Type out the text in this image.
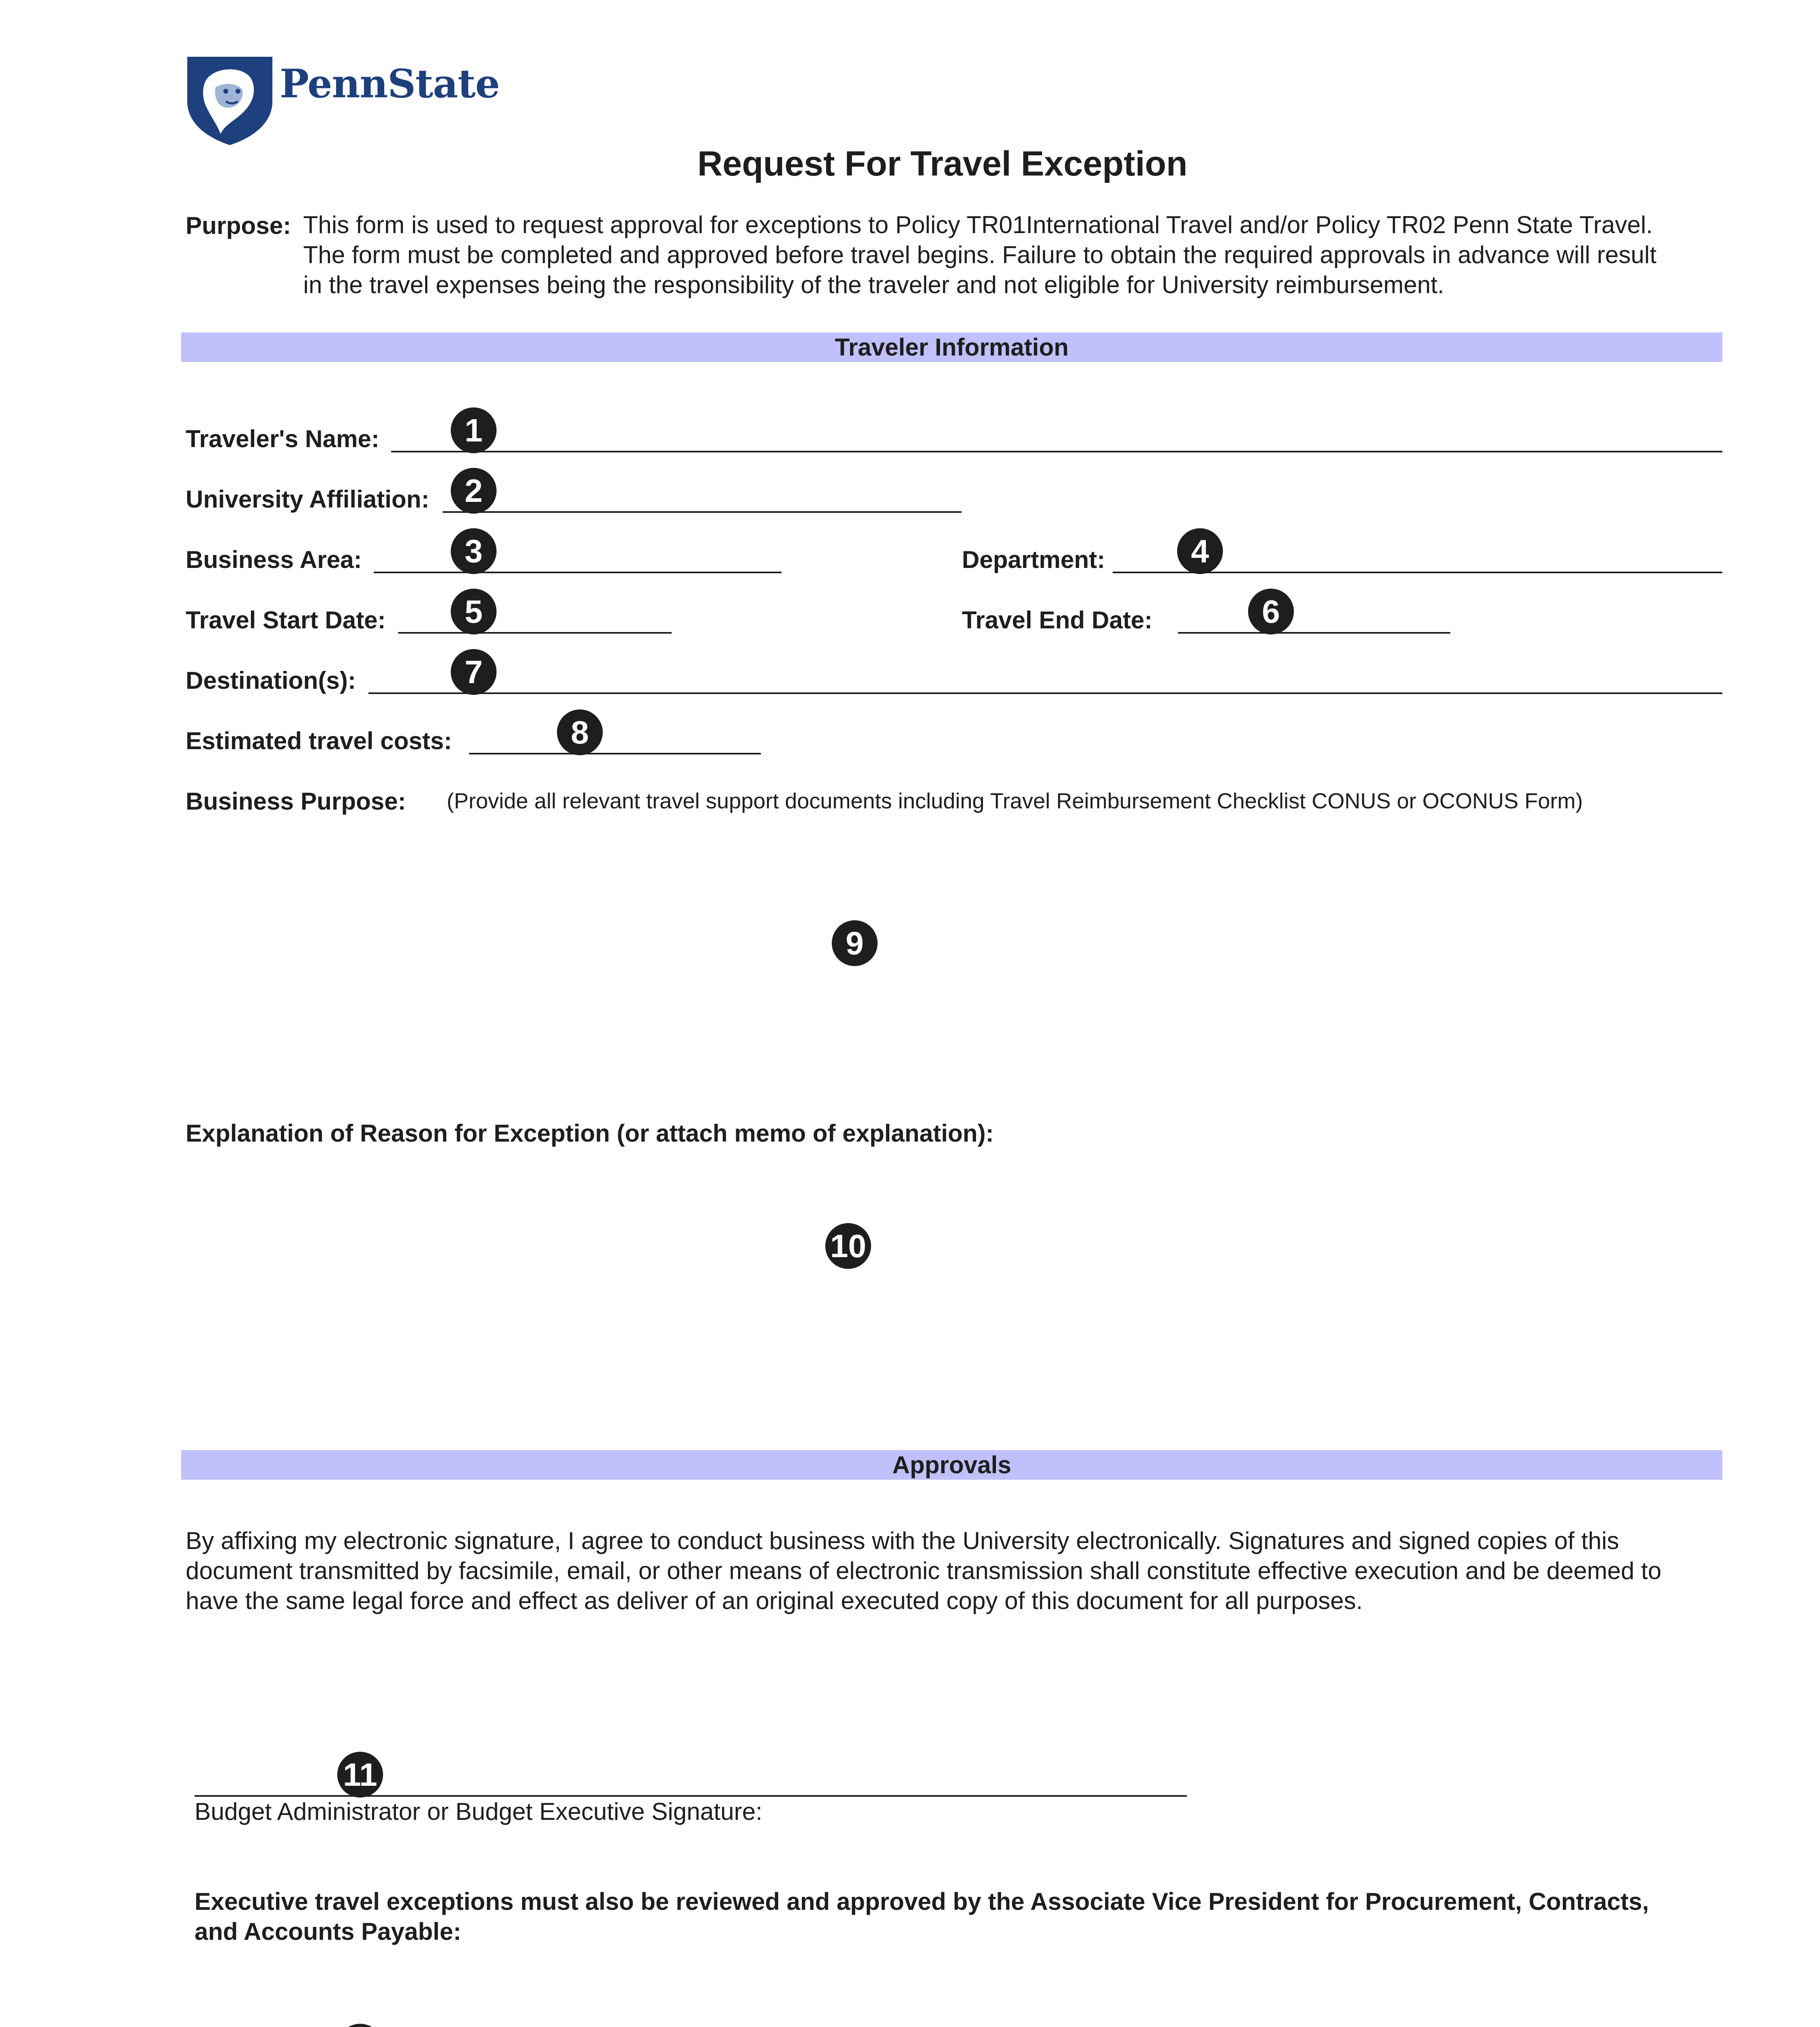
PennState
Request For Travel Exception
Purpose: This form is used to request approval for exceptions to Policy TR01International Travel and/or Policy TR02 Penn State Travel.
The form must be completed and approved before travel begins. Failure to obtain the required approvals in advance will result
in the travel expenses being the responsibility of the traveler and not eligible for University reimbursement.
Traveler Information
Traveler's Name:	1
University Affiliation:	2
Business Area:	3	Department:	4
Travel Start Date:	5	Travel End Date:	6
Destination(s):	7
Estimated travel costs:	8
Business Purpose: (Provide all relevant travel support documents including Travel Reimbursement Checklist CONUS or OCONUS Form)
9
Explanation of Reason for Exception (or attach memo of explanation):
10
Approvals
By affixing my electronic signature, I agree to conduct business with the University electronically. Signatures and signed copies of this
document transmitted by facsimile, email, or other means of electronic transmission shall constitute effective execution and be deemed to
have the same legal force and effect as deliver of an original executed copy of this document for all purposes.
11
Budget Administrator or Budget Executive Signature:
Executive travel exceptions must also be reviewed and approved by the Associate Vice President for Procurement, Contracts,
and Accounts Payable:
